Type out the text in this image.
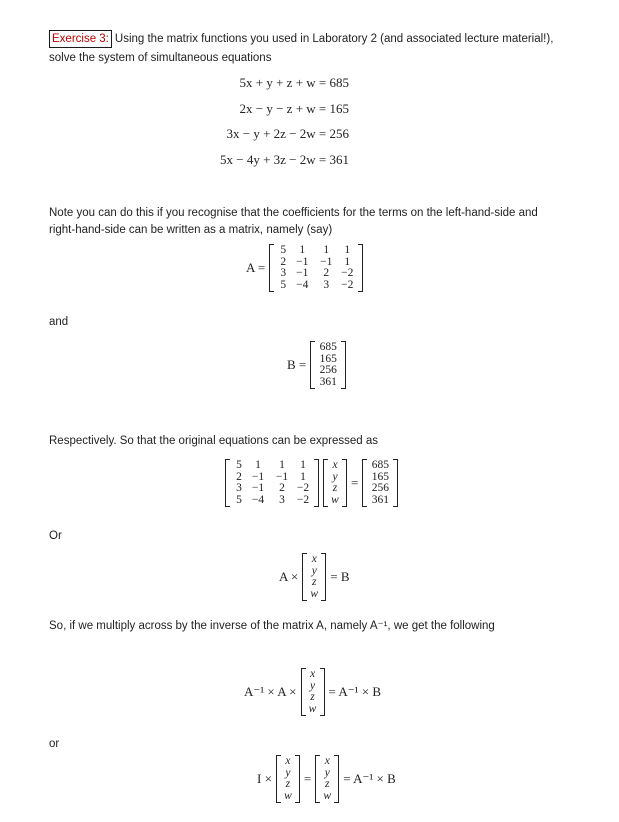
Exercise 3: Using the matrix functions you used in Laboratory 2 (and associated lecture material!),
solve the system of simultaneous equations
5x + y + z + w = 685
2x − y − z + w = 165
3x − y + 2z − 2w = 256
5x − 4y + 3z − 2w = 361
Note you can do this if you recognise that the coefficients for the terms on the left-hand-side and
right-hand-side can be written as a matrix, namely (say)
A =
5	1	1	1
2 −1	−1	1
3 −1	2	−2
5 −4	3	−2
and
B =
685
165
256
361
Respectively. So that the original equations can be expressed as
5	1	1	1
2 −1	−1	1
3 −1	2	−2
5 −4	3	−2
x
y
z
w
=
685
165
256
361
Or
A ×
x
y
z
w
= B
So, if we multiply across by the inverse of the matrix A, namely A⁻¹, we get the following
A⁻¹ × A ×
x
y
z
w
= A⁻¹ × B
or
I ×
x
y
z
w
=
x
y
z
w
= A⁻¹ × B
